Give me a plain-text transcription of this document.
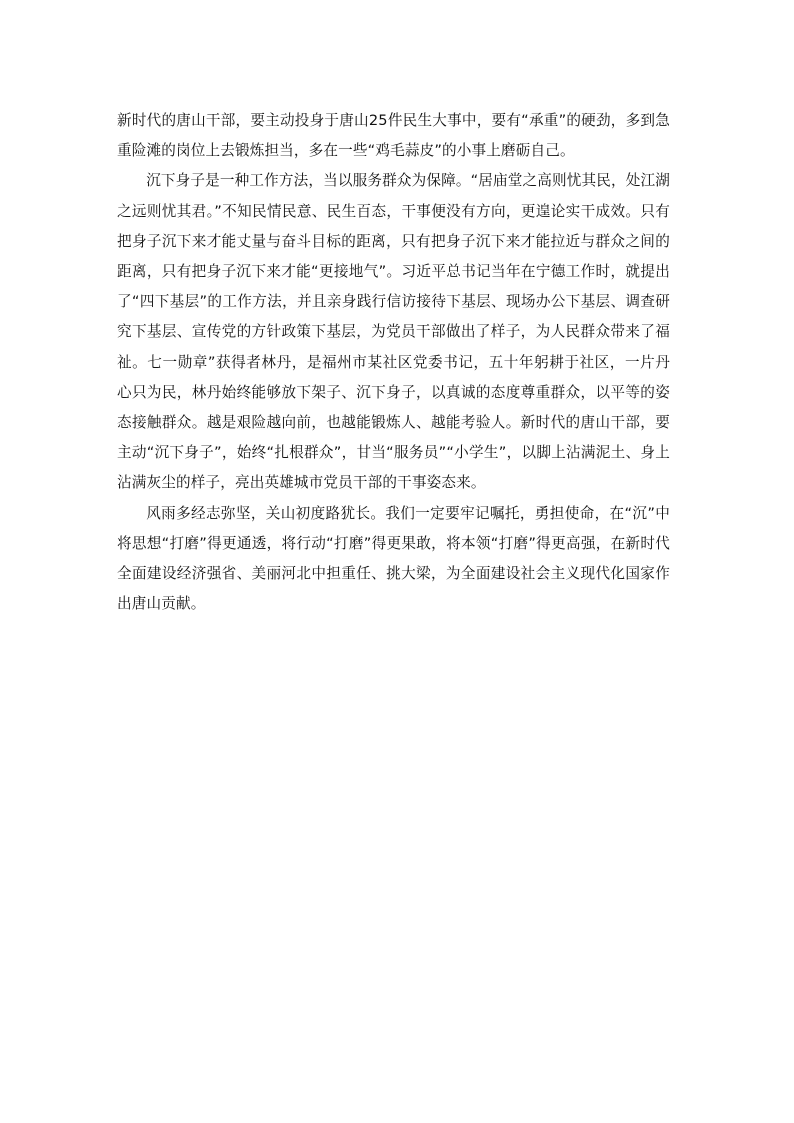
新时代的唐山干部，要主动投身于唐山25件民生大事中，要有“承重”的硬劲，多到急重险滩的岗位上去锻炼担当，多在一些“鸡毛蒜皮”的小事上磨砺自己。

沉下身子是一种工作方法，当以服务群众为保障。“居庙堂之高则忧其民，处江湖之远则忧其君。”不知民情民意、民生百态，干事便没有方向，更遑论实干成效。只有把身子沉下来才能丈量与奋斗目标的距离，只有把身子沉下来才能拉近与群众之间的距离，只有把身子沉下来才能“更接地气”。习近平总书记当年在宁德工作时，就提出了“四下基层”的工作方法，并且亲身践行信访接待下基层、现场办公下基层、调查研究下基层、宣传党的方针政策下基层，为党员干部做出了样子，为人民群众带来了福祉。七一勋章”获得者林丹，是福州市某社区党委书记，五十年躬耕于社区，一片丹心只为民，林丹始终能够放下架子、沉下身子，以真诚的态度尊重群众，以平等的姿态接触群众。越是艰险越向前，也越能锻炼人、越能考验人。新时代的唐山干部，要主动“沉下身子”，始终“扎根群众”，甘当“服务员”“小学生”，以脚上沾满泥土、身上沾满灰尘的样子，亮出英雄城市党员干部的干事姿态来。

风雨多经志弥坚，关山初度路犹长。我们一定要牢记嘱托，勇担使命，在“沉”中将思想“打磨”得更通透，将行动“打磨”得更果敢，将本领“打磨”得更高强，在新时代全面建设经济强省、美丽河北中担重任、挑大梁，为全面建设社会主义现代化国家作出唐山贡献。
